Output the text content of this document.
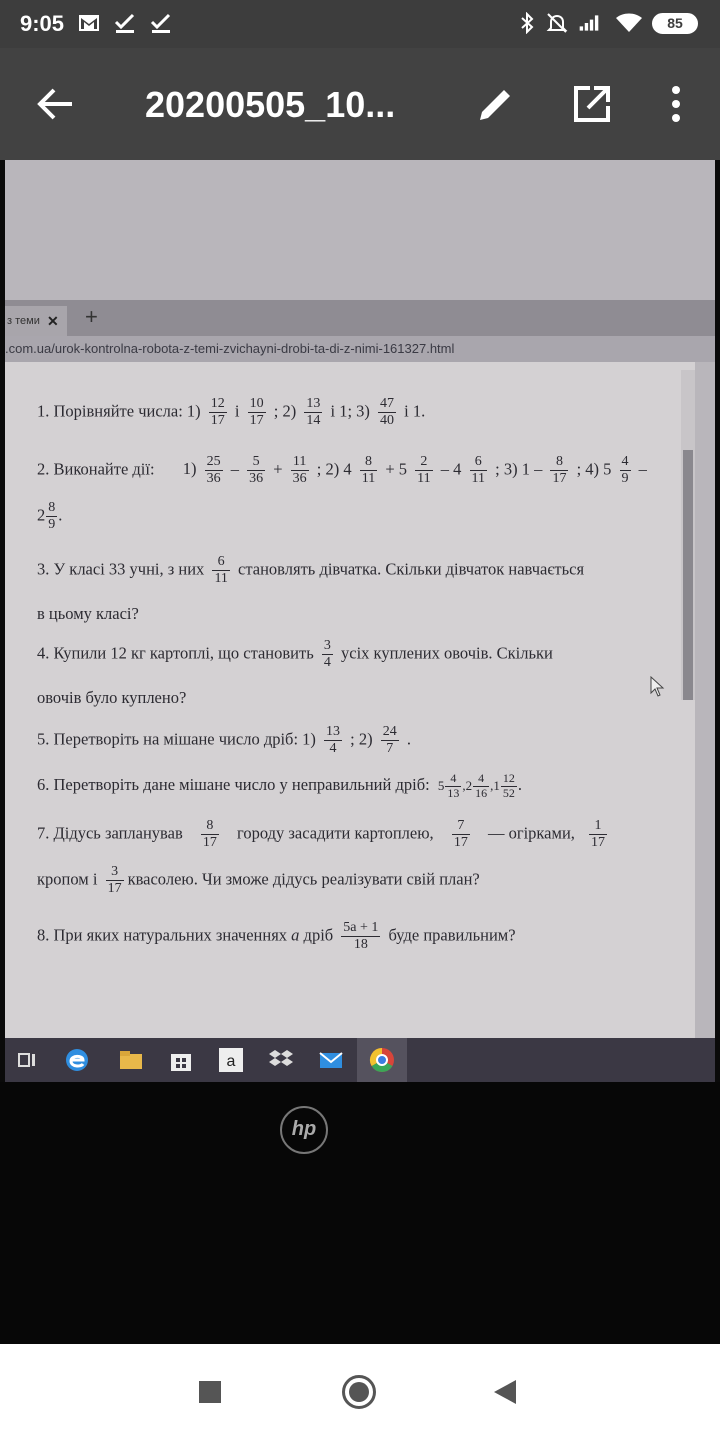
9:05	85
20200505_10...
з теми ✕ +
.com.ua/urok-kontrolna-robota-z-temi-zvichayni-drobi-ta-di-z-nimi-161327.html
1. Порівняйте числа: $1) \frac{12}{17}$ і $\frac{10}{17}$ ; $2) \frac{13}{14}$ і 1; $3) \frac{47}{40}$ і 1.
2. Виконайте дії: $1) \frac{25}{36} - \frac{5}{36} + \frac{11}{36}$ ; 2) $4 \frac{8}{11} + 5 \frac{2}{11} - 4 \frac{6}{11}$ ; 3) $1 - \frac{8}{17}$ ; 4) $5 \frac{4}{9}$ –
$2 \frac{8}{9}$ .
3. У класі 33 учні, з них $\frac{6}{11}$ становлять дівчатка. Скільки дівчаток навчається
в цьому класі?
4. Купили 12 кг картоплі, що становить $\frac{3}{4}$ усіх куплених овочів. Скільки
овочів було куплено?
5. Перетворіть на мішане число дріб: $1) \frac{13}{4}$ ; $2) \frac{24}{7}$ .
6. Перетворіть дане мішане число у неправильний дріб: $5 \frac{4}{13} ,2 \frac{4}{16} ,1 \frac{12}{52}$ .
7. Дідусь запланував $\frac{8}{17}$ городу засадити картоплею, $\frac{7}{17}$ — огірками, $\frac{1}{17}$
кропом і $\frac{3}{17}$ квасолею. Чи зможе дідусь реалізувати свій план?
8. При яких натуральних значеннях a дріб $\frac{5a + 1}{18}$ буде правильним?
a
hp
